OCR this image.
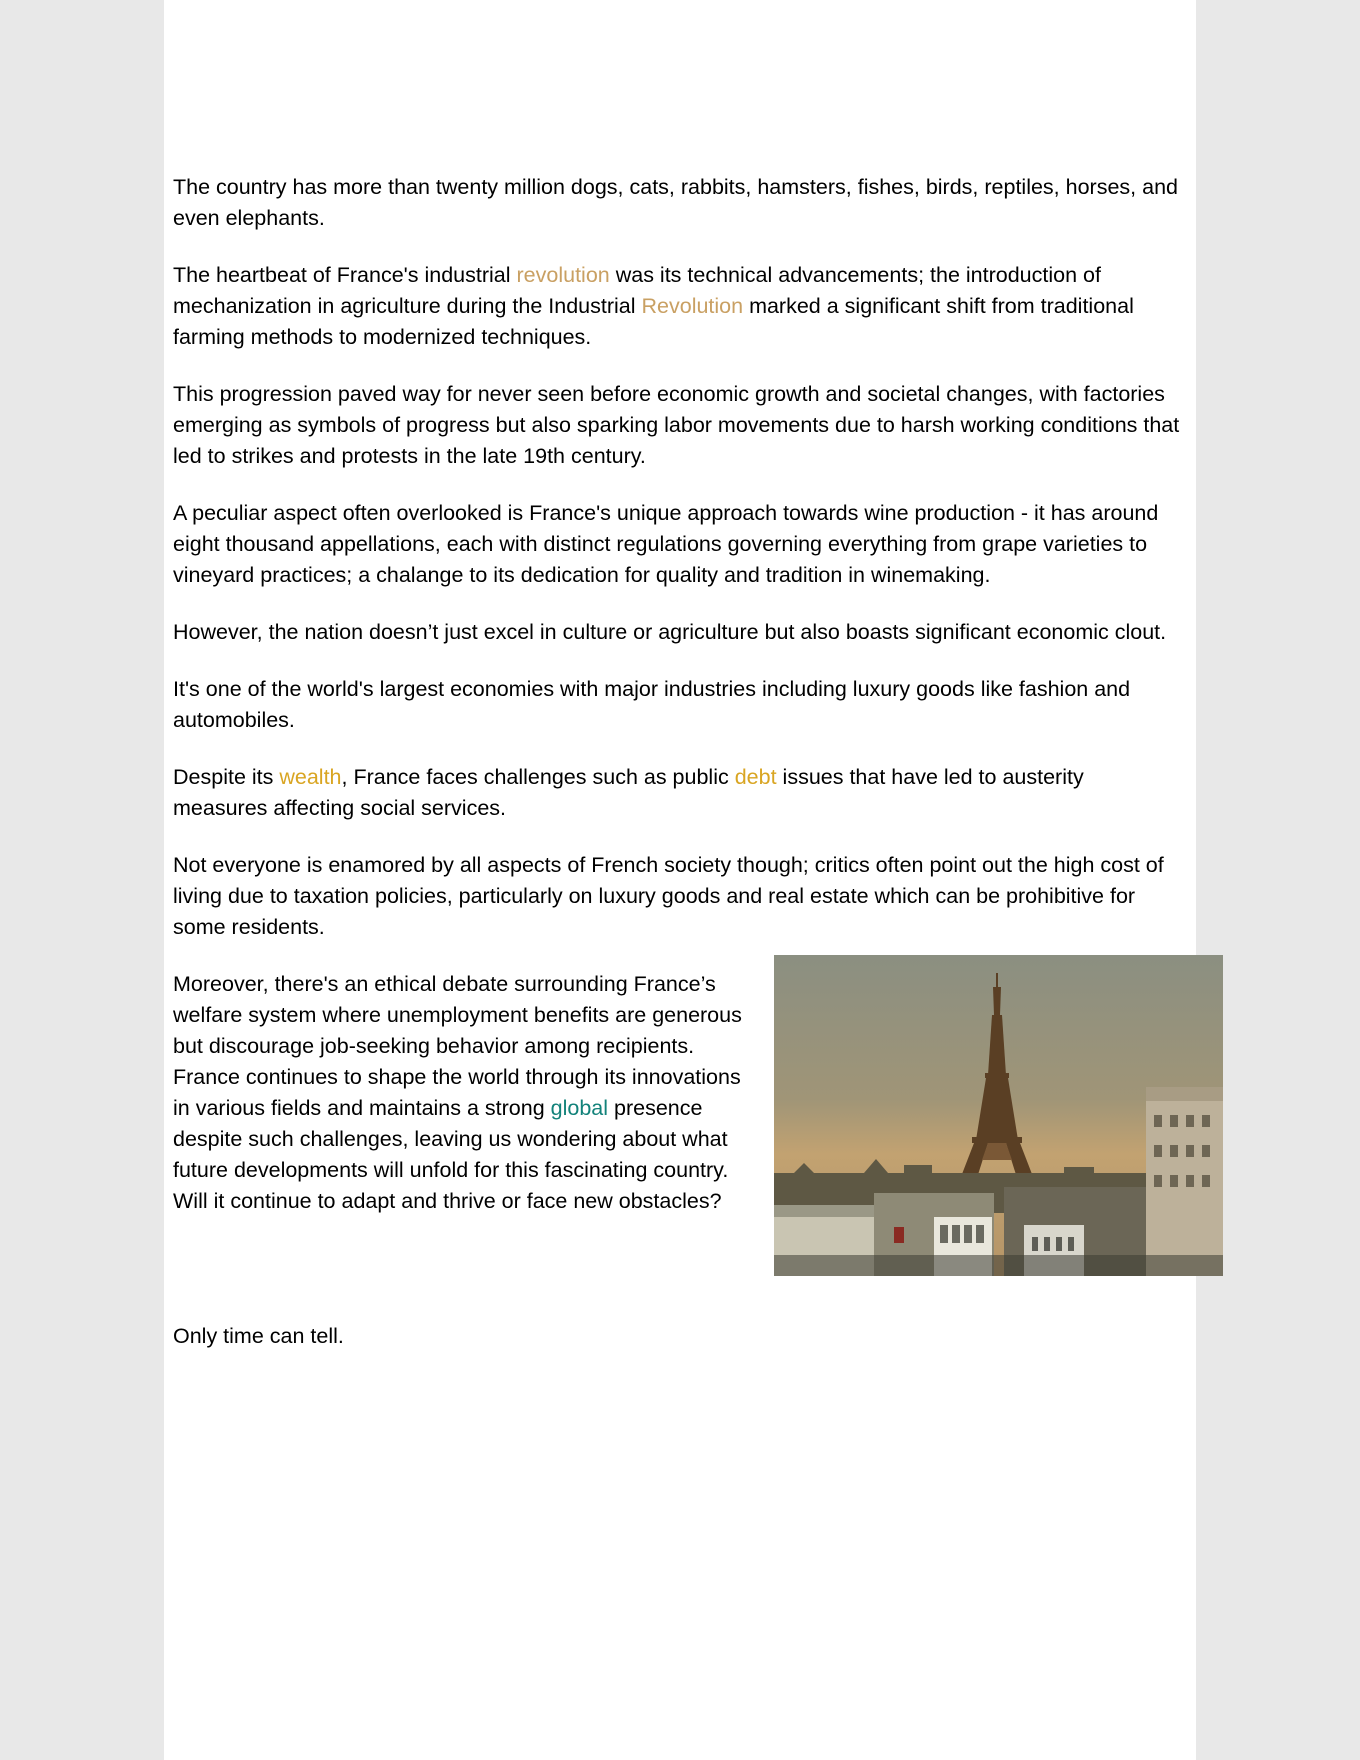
The country has more than twenty million dogs, cats, rabbits, hamsters, fishes, birds, reptiles, horses, and even elephants.

The heartbeat of France's industrial revolution was its technical advancements; the introduction of mechanization in agriculture during the Industrial Revolution marked a significant shift from traditional farming methods to modernized techniques.

This progression paved way for never seen before economic growth and societal changes, with factories emerging as symbols of progress but also sparking labor movements due to harsh working conditions that led to strikes and protests in the late 19th century.

A peculiar aspect often overlooked is France's unique approach towards wine production - it has around eight thousand appellations, each with distinct regulations governing everything from grape varieties to vineyard practices; a chalange to its dedication for quality and tradition in winemaking.

However, the nation doesn’t just excel in culture or agriculture but also boasts significant economic clout.

It's one of the world's largest economies with major industries including luxury goods like fashion and automobiles.

Despite its wealth, France faces challenges such as public debt issues that have led to austerity measures affecting social services.

Not everyone is enamored by all aspects of French society though; critics often point out the high cost of living due to taxation policies, particularly on luxury goods and real estate which can be prohibitive for some residents.

Moreover, there's an ethical debate surrounding France’s welfare system where unemployment benefits are generous but discourage job-seeking behavior among recipients. France continues to shape the world through its innovations in various fields and maintains a strong global presence despite such challenges, leaving us wondering about what future developments will unfold for this fascinating country. Will it continue to adapt and thrive or face new obstacles?

Only time can tell.
